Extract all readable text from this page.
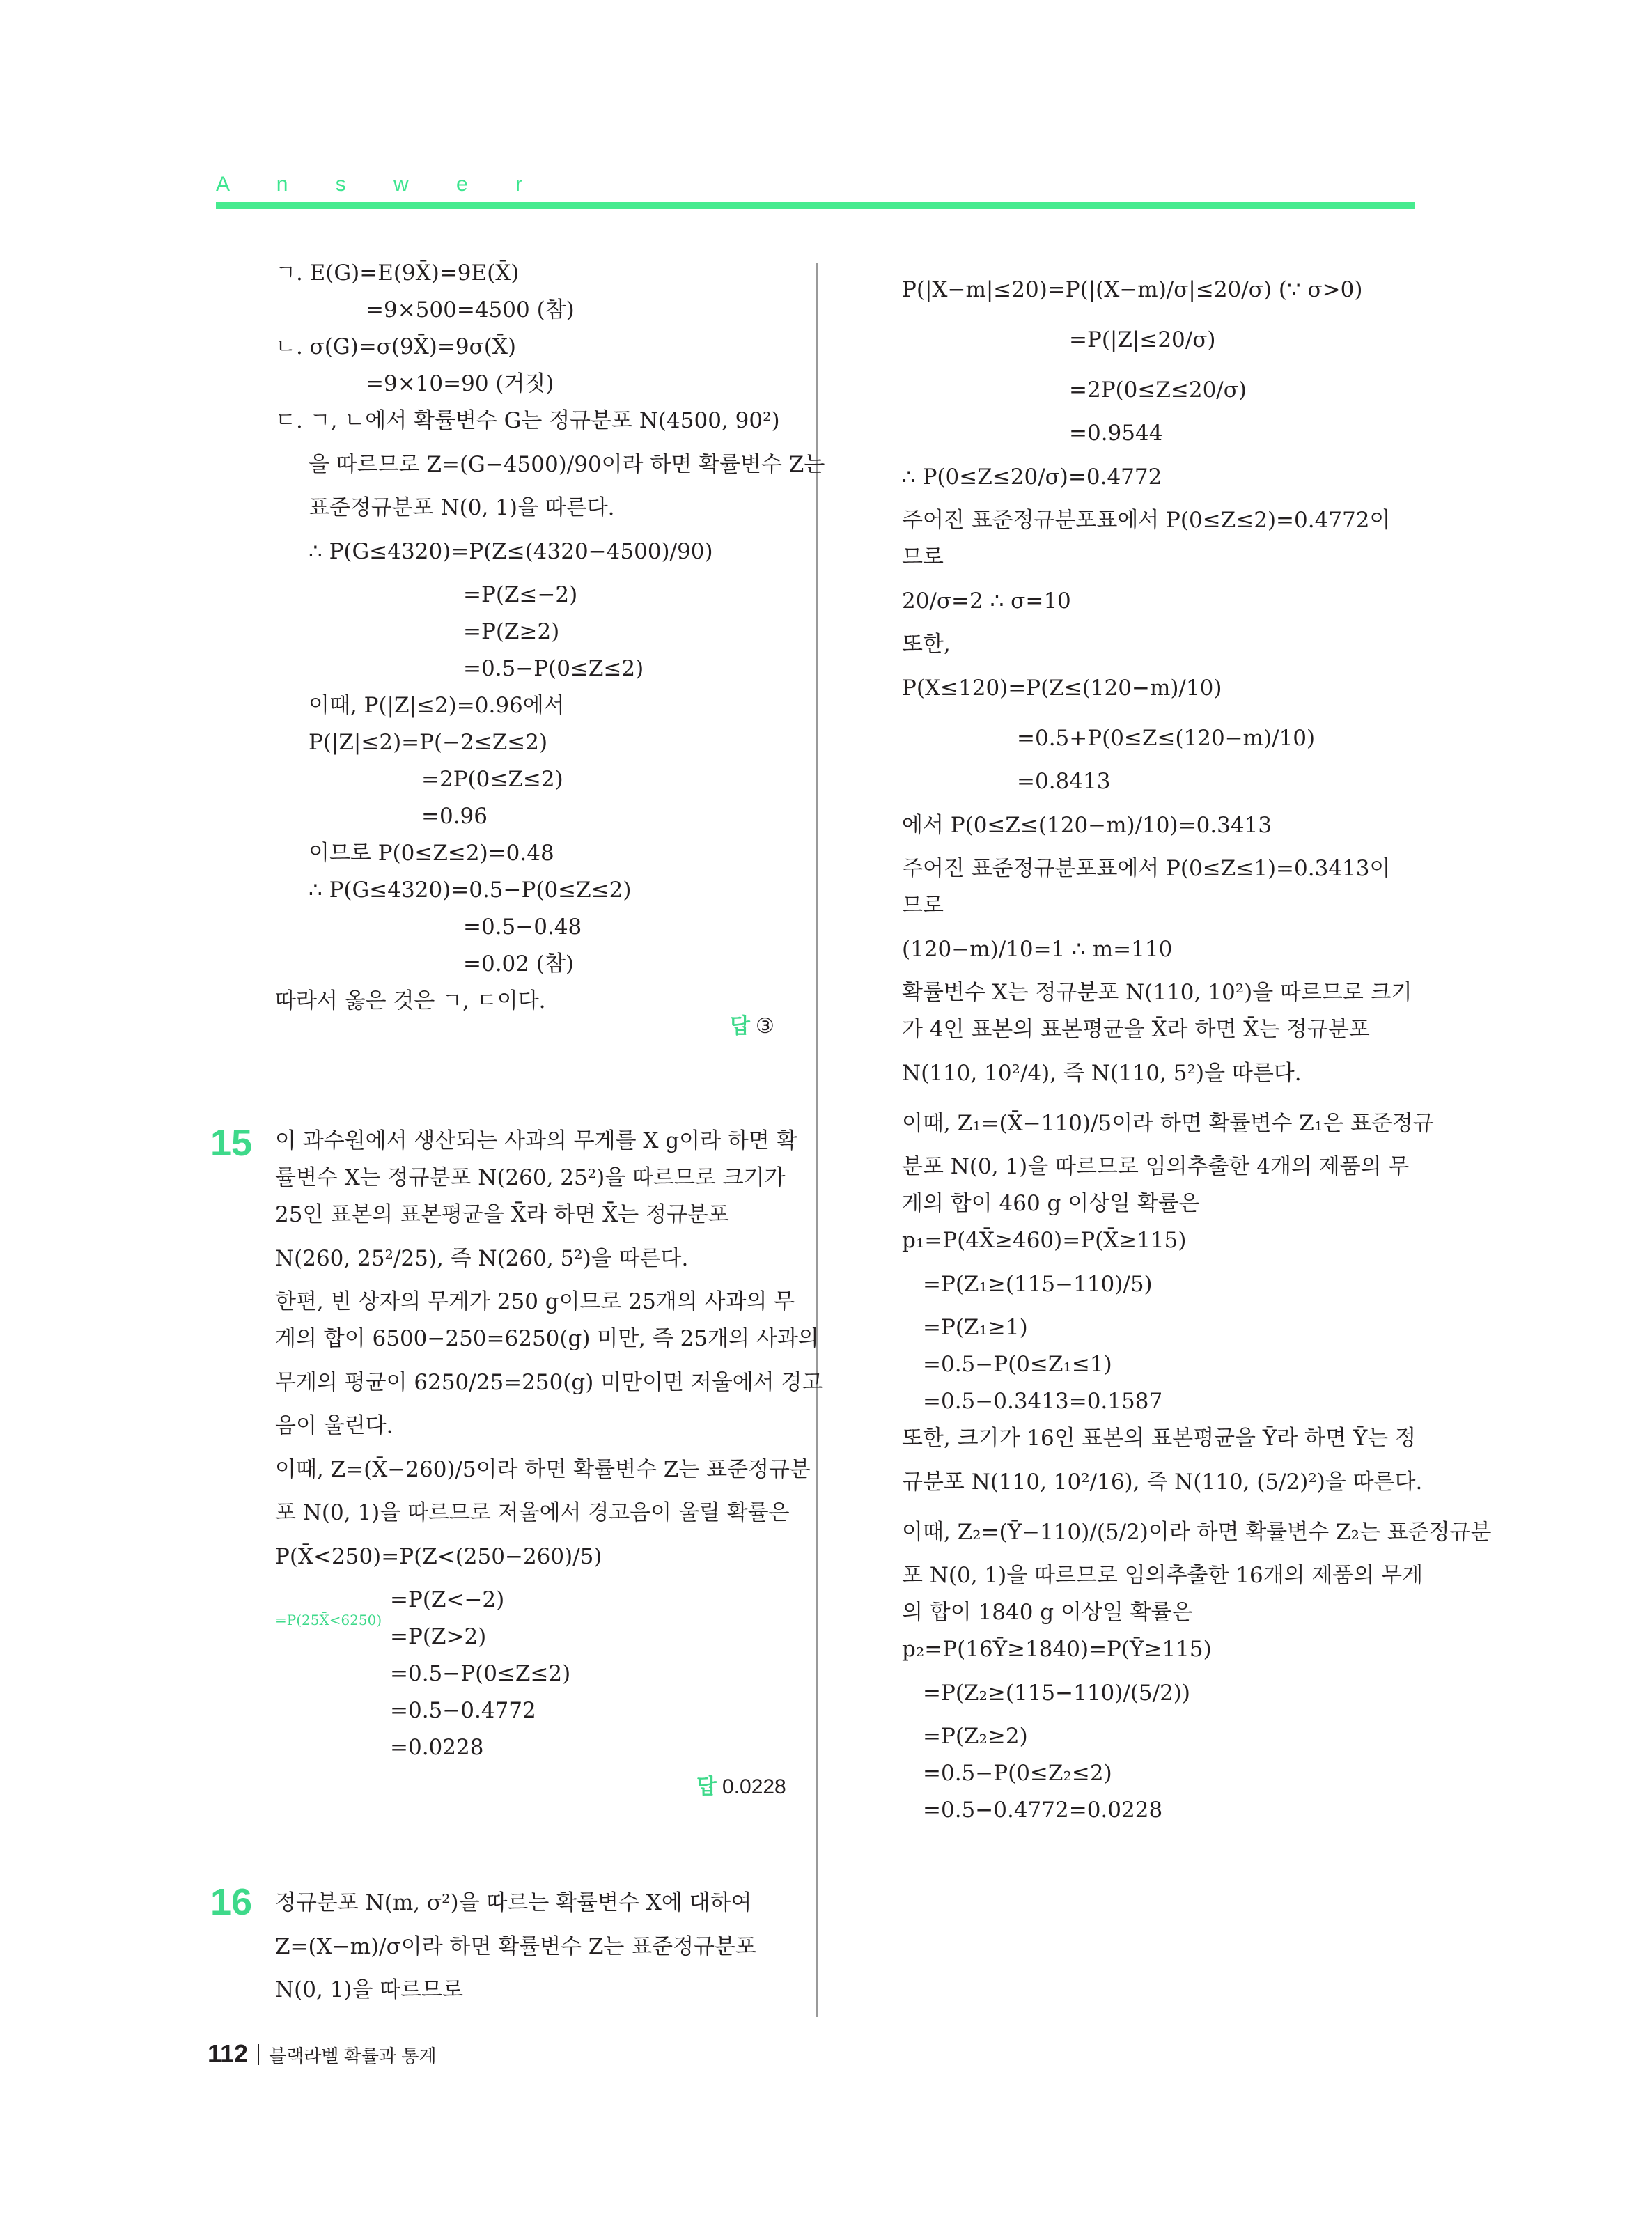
A n s w e r
ㄱ. E(G)=E(9X̄)=9E(X̄)
=9×500=4500 (참)
ㄴ. σ(G)=σ(9X̄)=9σ(X̄)
=9×10=90 (거짓)
ㄷ. ㄱ, ㄴ에서 확률변수 G는 정규분포 N(4500, 90²)
을 따르므로 Z=(G−4500)/90이라 하면 확률변수 Z는
표준정규분포 N(0, 1)을 따른다.
∴ P(G≤4320)=P(Z≤(4320−4500)/90)
=P(Z≤−2)
=P(Z≥2)
=0.5−P(0≤Z≤2)
이때, P(|Z|≤2)=0.96에서
P(|Z|≤2)=P(−2≤Z≤2)
=2P(0≤Z≤2)
=0.96
이므로 P(0≤Z≤2)=0.48
∴ P(G≤4320)=0.5−P(0≤Z≤2)
=0.5−0.48
=0.02 (참)
따라서 옳은 것은 ㄱ, ㄷ이다.
답 ③
15 이 과수원에서 생산되는 사과의 무게를 X g이라 하면 확
률변수 X는 정규분포 N(260, 25²)을 따르므로 크기가
25인 표본의 표본평균을 X̄라 하면 X̄는 정규분포
N(260, 25²/25), 즉 N(260, 5²)을 따른다.
한편, 빈 상자의 무게가 250 g이므로 25개의 사과의 무
게의 합이 6500−250=6250(g) 미만, 즉 25개의 사과의
무게의 평균이 6250/25=250(g) 미만이면 저울에서 경고
음이 울린다.
이때, Z=(X̄−260)/5이라 하면 확률변수 Z는 표준정규분
포 N(0, 1)을 따르므로 저울에서 경고음이 울릴 확률은
P(X̄<250)=P(Z<(250−260)/5)
=P(Z<−2)
=P(Z>2)
=0.5−P(0≤Z≤2)
=0.5−0.4772
=0.0228
=P(25X̄<6250)
답 0.0228
16 정규분포 N(m, σ²)을 따르는 확률변수 X에 대하여
Z=(X−m)/σ이라 하면 확률변수 Z는 표준정규분포
N(0, 1)을 따르므로
P(|X−m|≤20)=P(|(X−m)/σ|≤20/σ) (∵ σ>0)
=P(|Z|≤20/σ)
=2P(0≤Z≤20/σ)
=0.9544
∴ P(0≤Z≤20/σ)=0.4772
주어진 표준정규분포표에서 P(0≤Z≤2)=0.4772이
므로
20/σ=2 ∴ σ=10
또한,
P(X≤120)=P(Z≤(120−m)/10)
=0.5+P(0≤Z≤(120−m)/10)
=0.8413
에서 P(0≤Z≤(120−m)/10)=0.3413
주어진 표준정규분포표에서 P(0≤Z≤1)=0.3413이
므로
(120−m)/10=1 ∴ m=110
확률변수 X는 정규분포 N(110, 10²)을 따르므로 크기
가 4인 표본의 표본평균을 X̄라 하면 X̄는 정규분포
N(110, 10²/4), 즉 N(110, 5²)을 따른다.
이때, Z₁=(X̄−110)/5이라 하면 확률변수 Z₁은 표준정규
분포 N(0, 1)을 따르므로 임의추출한 4개의 제품의 무
게의 합이 460 g 이상일 확률은
p₁=P(4X̄≥460)=P(X̄≥115)
=P(Z₁≥(115−110)/5)
=P(Z₁≥1)
=0.5−P(0≤Z₁≤1)
=0.5−0.3413=0.1587
또한, 크기가 16인 표본의 표본평균을 Ȳ라 하면 Ȳ는 정
규분포 N(110, 10²/16), 즉 N(110, (5/2)²)을 따른다.
이때, Z₂=(Ȳ−110)/(5/2)이라 하면 확률변수 Z₂는 표준정규분
포 N(0, 1)을 따르므로 임의추출한 16개의 제품의 무게
의 합이 1840 g 이상일 확률은
p₂=P(16Ȳ≥1840)=P(Ȳ≥115)
=P(Z₂≥(115−110)/(5/2))
=P(Z₂≥2)
=0.5−P(0≤Z₂≤2)
=0.5−0.4772=0.0228
112 블랙라벨 확률과 통계
